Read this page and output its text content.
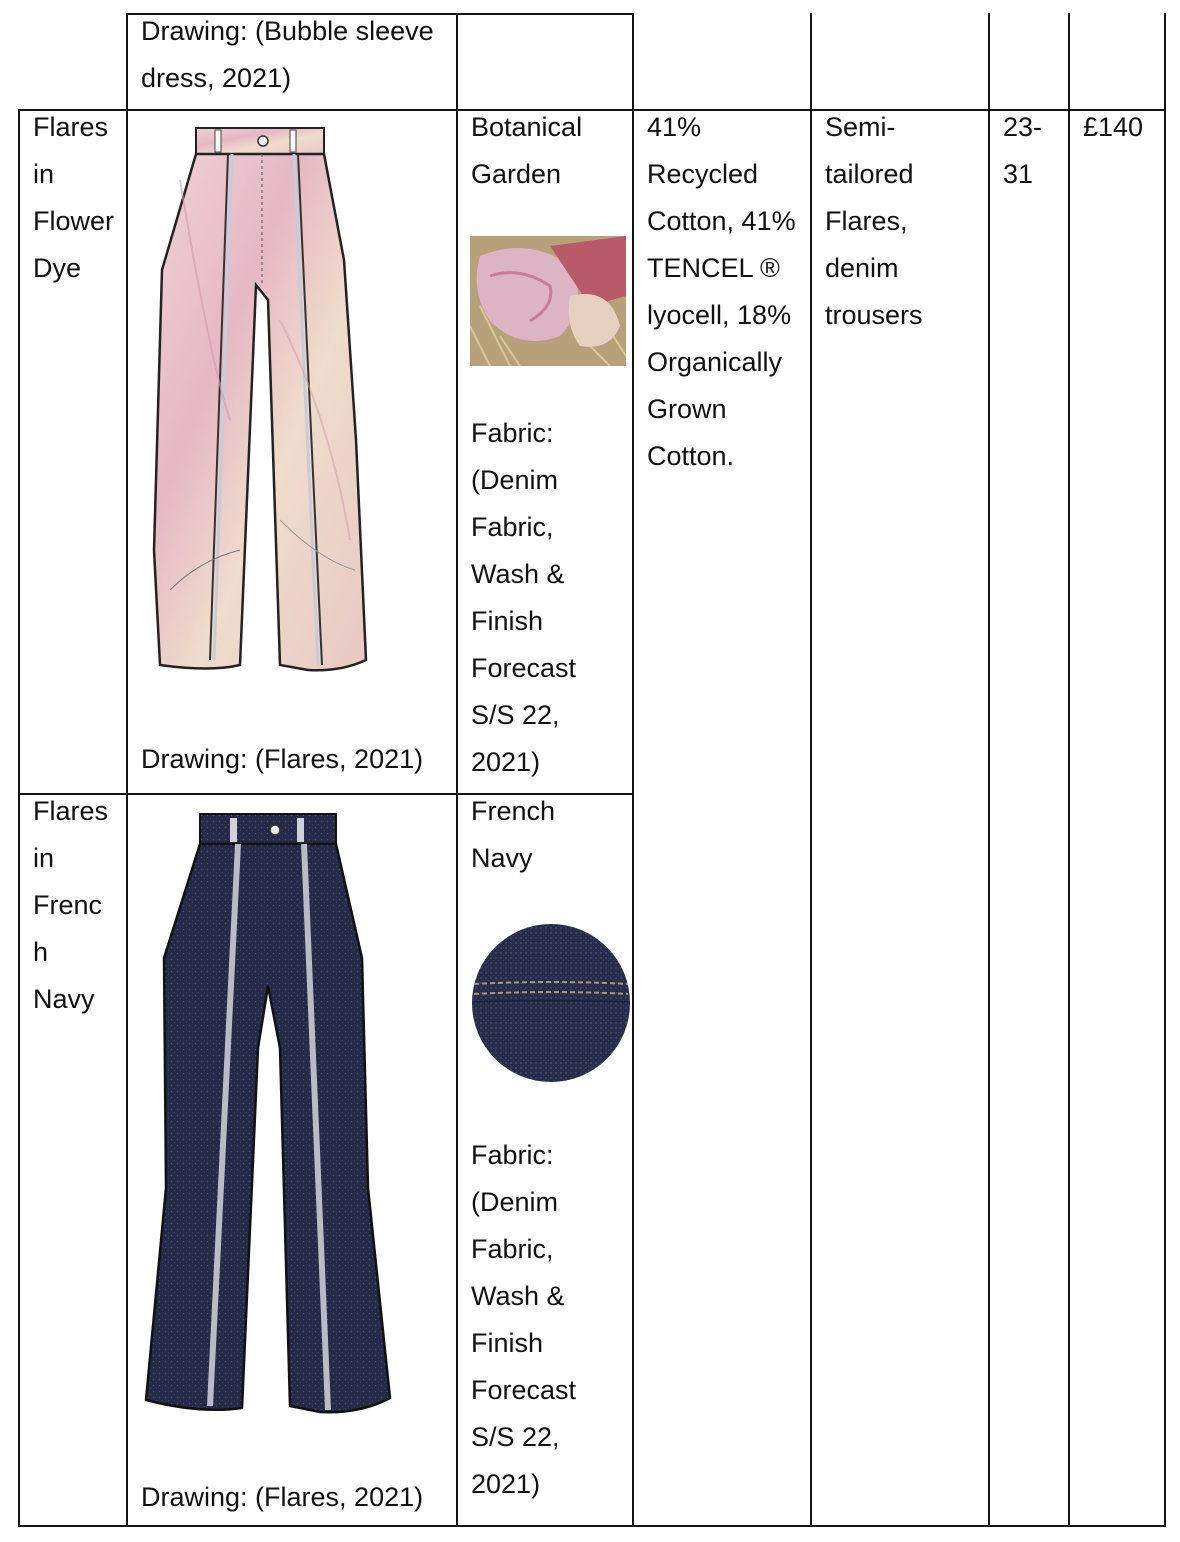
Drawing: (Bubble sleeve
dress, 2021)
Flares
in
Flower
Dye
Drawing: (Flares, 2021)
Botanical
Garden
Fabric:
(Denim
Fabric,
Wash &
Finish
Forecast
S/S 22,
2021)
41%
Recycled
Cotton, 41%
TENCEL ®
lyocell, 18%
Organically
Grown
Cotton.
Semi-
tailored
Flares,
denim
trousers
23-
31
£140
Flares
in
Frenc
h
Navy
Drawing: (Flares, 2021)
French
Navy
Fabric:
(Denim
Fabric,
Wash &
Finish
Forecast
S/S 22,
2021)
